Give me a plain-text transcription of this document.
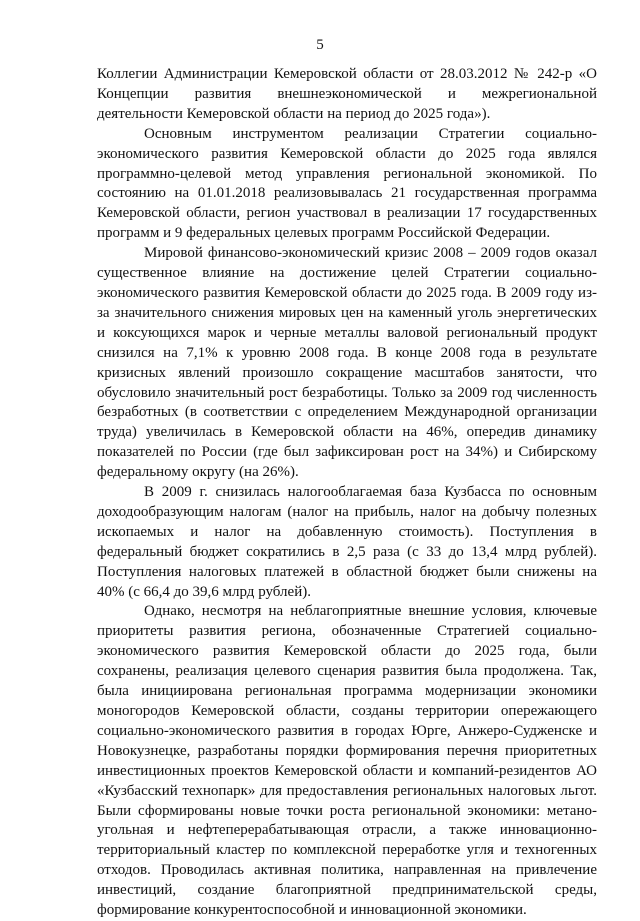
5

Коллегии Администрации Кемеровской области от 28.03.2012 № 242-р «О Концепции развития внешнеэкономической и межрегиональной деятельности Кемеровской области на период до 2025 года»).

Основным инструментом реализации Стратегии социально-экономического развития Кемеровской области до 2025 года являлся программно-целевой метод управления региональной экономикой. По состоянию на 01.01.2018 реализовывалась 21 государственная программа Кемеровской области, регион участвовал в реализации 17 государственных программ и 9 федеральных целевых программ Российской Федерации.

Мировой финансово-экономический кризис 2008 – 2009 годов оказал существенное влияние на достижение целей Стратегии социально-экономического развития Кемеровской области до 2025 года. В 2009 году из-за значительного снижения мировых цен на каменный уголь энергетических и коксующихся марок и черные металлы валовой региональный продукт снизился на 7,1% к уровню 2008 года. В конце 2008 года в результате кризисных явлений произошло сокращение масштабов занятости, что обусловило значительный рост безработицы. Только за 2009 год численность безработных (в соответствии с определением Международной организации труда) увеличилась в Кемеровской области на 46%, опередив динамику показателей по России (где был зафиксирован рост на 34%) и Сибирскому федеральному округу (на 26%).

В 2009 г. снизилась налогооблагаемая база Кузбасса по основным доходообразующим налогам (налог на прибыль, налог на добычу полезных ископаемых и налог на добавленную стоимость). Поступления в федеральный бюджет сократились в 2,5 раза (с 33 до 13,4 млрд рублей). Поступления налоговых платежей в областной бюджет были снижены на 40% (с 66,4 до 39,6 млрд рублей).

Однако, несмотря на неблагоприятные внешние условия, ключевые приоритеты развития региона, обозначенные Стратегией социально-экономического развития Кемеровской области до 2025 года, были сохранены, реализация целевого сценария развития была продолжена. Так, была инициирована региональная программа модернизации экономики моногородов Кемеровской области, созданы территории опережающего социально-экономического развития в городах Юрге, Анжеро-Судженске и Новокузнецке, разработаны порядки формирования перечня приоритетных инвестиционных проектов Кемеровской области и компаний-резидентов АО «Кузбасский технопарк» для предоставления региональных налоговых льгот. Были сформированы новые точки роста региональной экономики: метано-угольная и нефтеперерабатывающая отрасли, а также инновационно-территориальный кластер по комплексной переработке угля и техногенных отходов. Проводилась активная политика, направленная на привлечение инвестиций, создание благоприятной предпринимательской среды, формирование конкурентоспособной и инновационной экономики.
